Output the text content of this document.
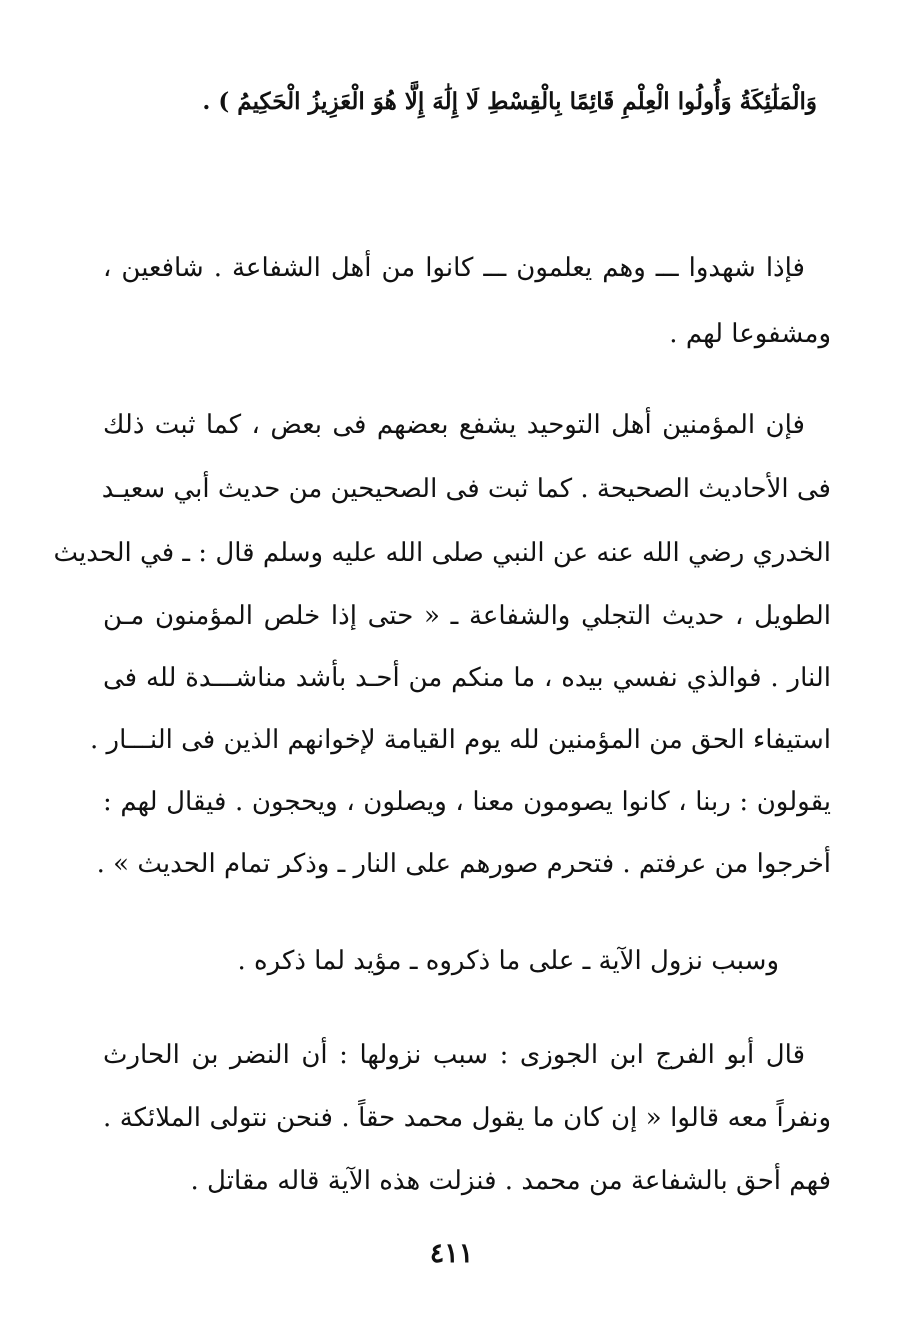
وَالْمَلَٰئِكَةُ وَأُولُوا الْعِلْمِ قَائِمًا بِالْقِسْطِ لَا إِلَٰهَ إِلَّا هُوَ الْعَزِيزُ الْحَكِيمُ ) .
فإذا شهدوا ـــ وهم يعلمون ـــ كانوا من أهل الشفاعة . شافعين ،
ومشفوعا لهم .
فإن المؤمنين أهل التوحيد يشفع بعضهم فى بعض ، كما ثبت ذلك
فى الأحاديث الصحيحة . كما ثبت فى الصحيحين من حديث أبي سعيـد
الخدري رضي الله عنه عن النبي صلى الله عليه وسلم قال : ـ في الحديث
الطويل ، حديث التجلي والشفاعة ـ « حتى إذا خلص المؤمنون مـن
النار . فوالذي نفسي بيده ، ما منكم من أحـد بأشد مناشـــدة لله فى
استيفاء الحق من المؤمنين لله يوم القيامة لإخوانهم الذين فى النـــار .
يقولون : ربنا ، كانوا يصومون معنا ، ويصلون ، ويحجون . فيقال لهم :
أخرجوا من عرفتم . فتحرم صورهم على النار ـ وذكر تمام الحديث » .
وسبب نزول الآية ـ على ما ذكروه ـ مؤيد لما ذكره .
قال أبو الفرج ابن الجوزى : سبب نزولها : أن النضر بن الحارث
ونفراً معه قالوا « إن كان ما يقول محمد حقاً . فنحن نتولى الملائكة .
فهم أحق بالشفاعة من محمد . فنزلت هذه الآية قاله مقاتل .
٤١١
